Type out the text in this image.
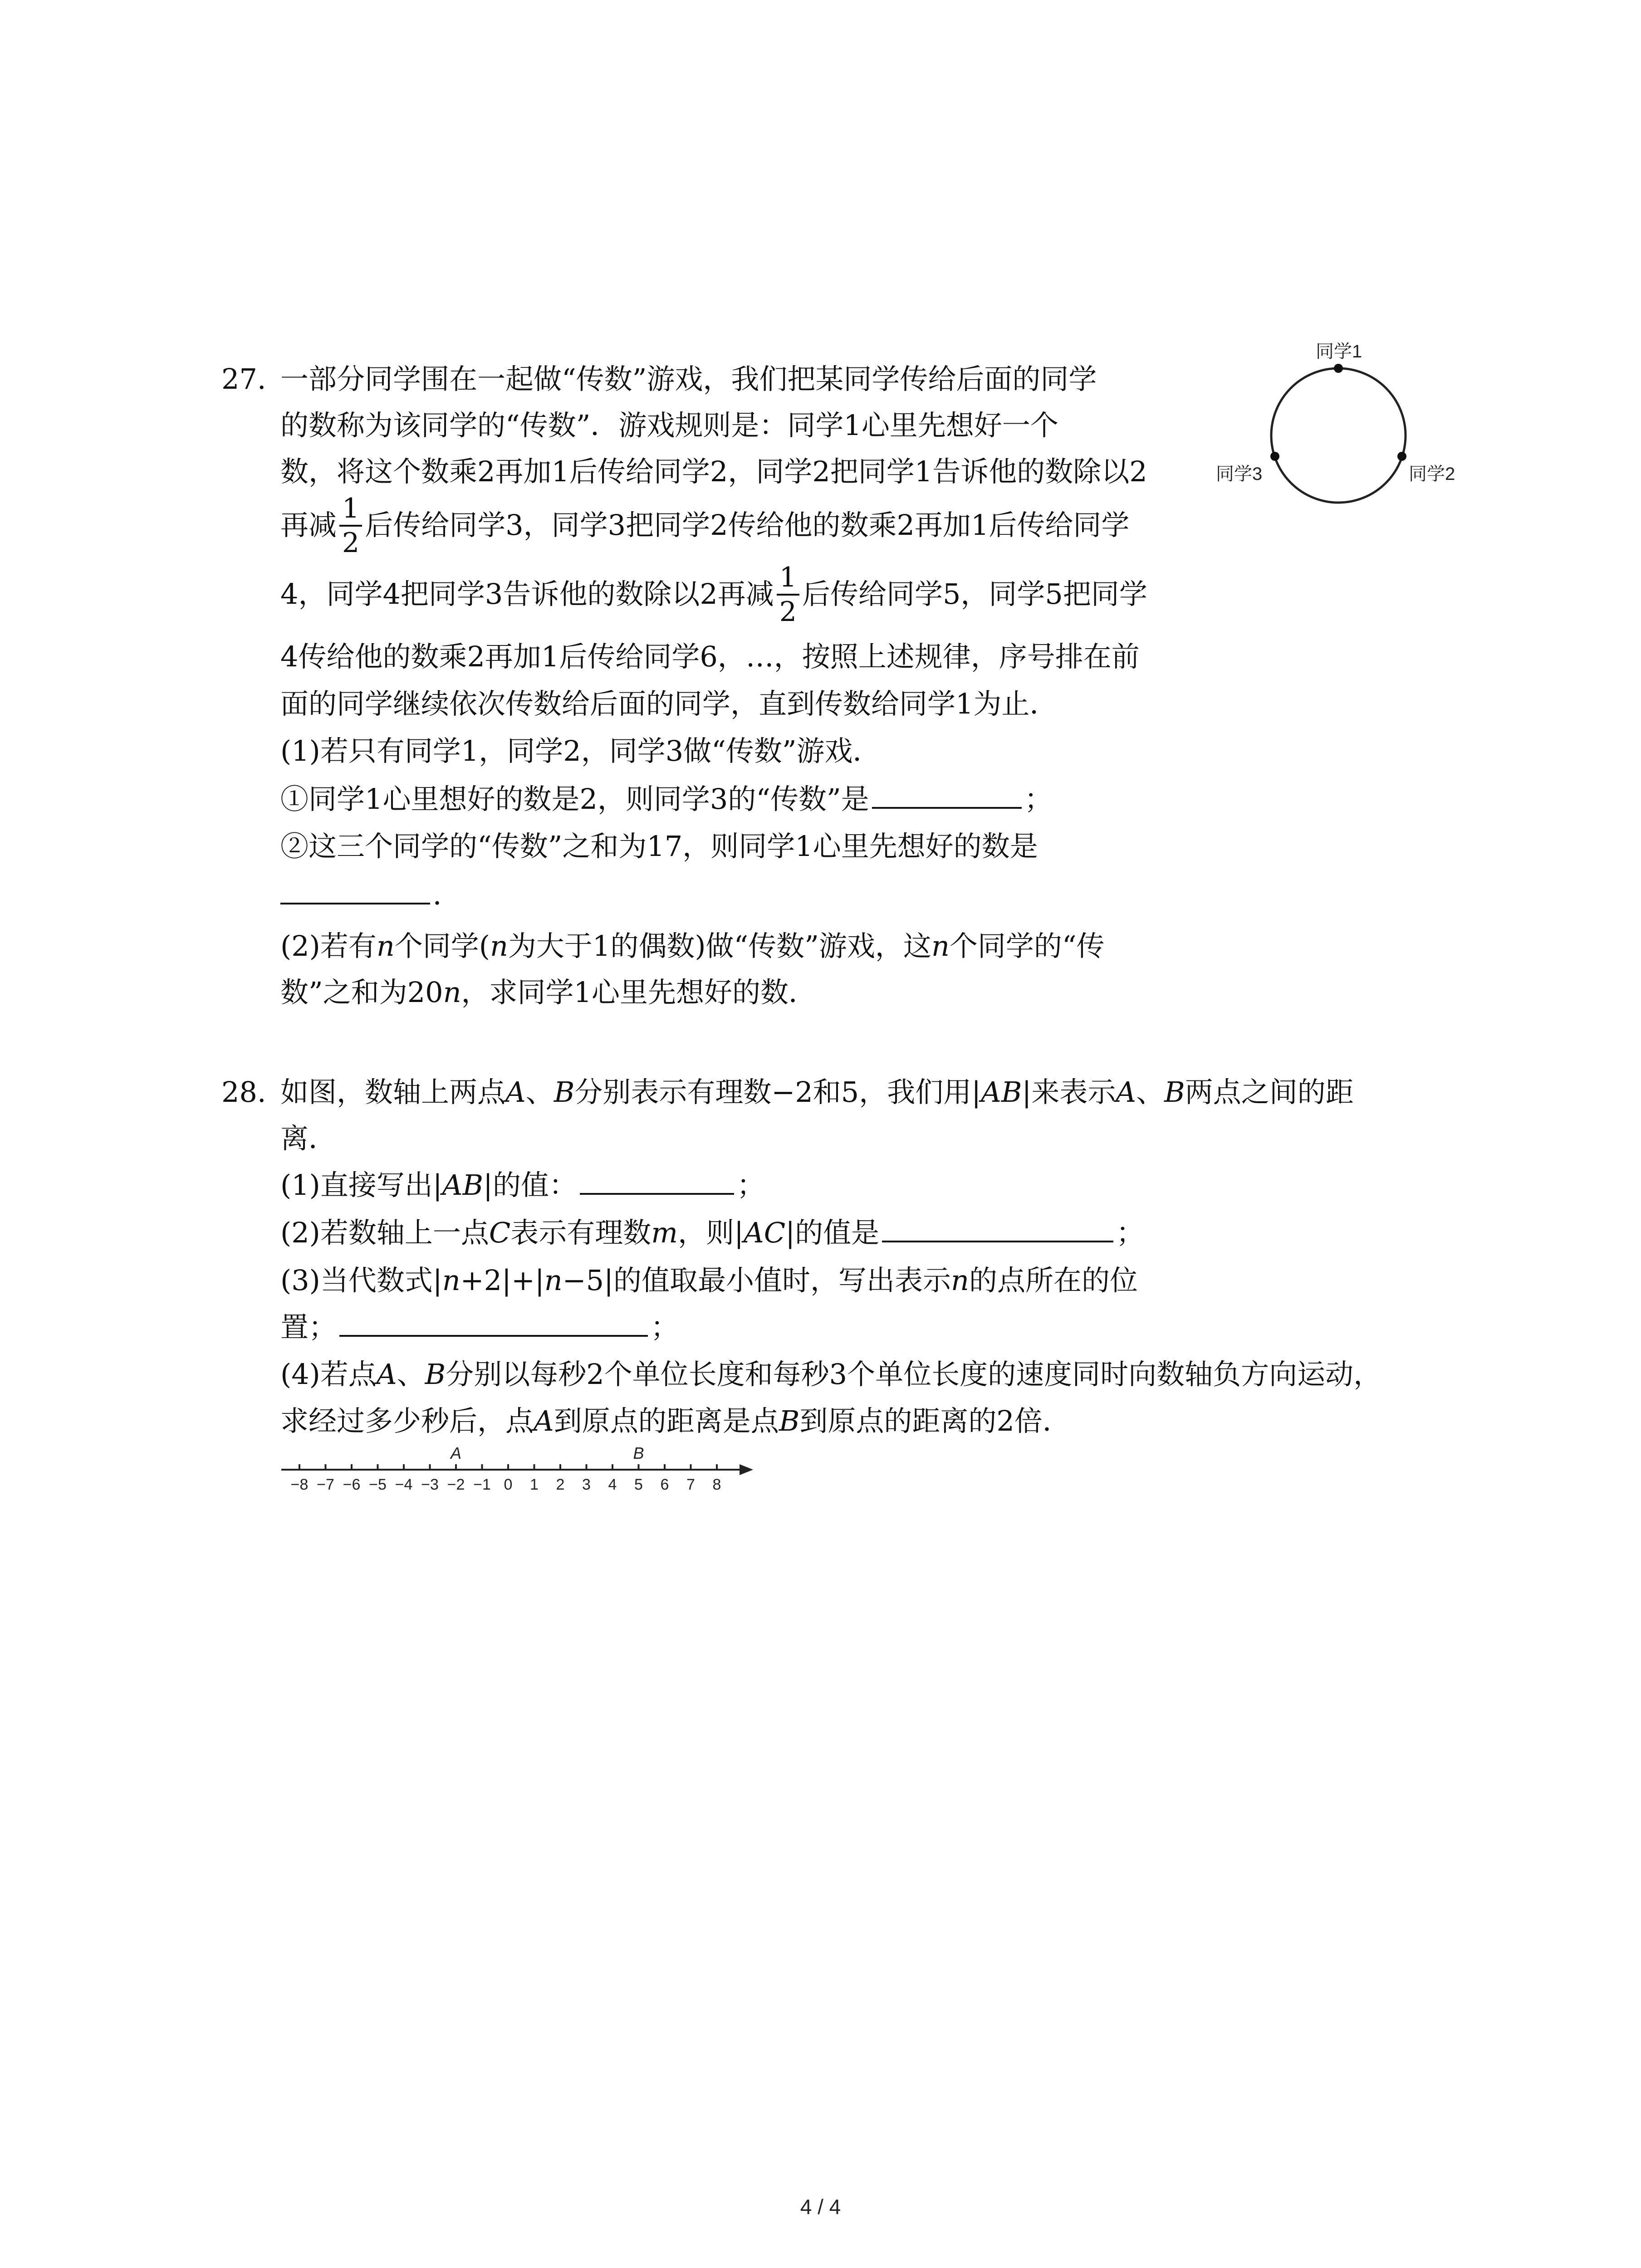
27. 一部分同学围在一起做“传数”游戏，我们把某同学传给后面的同学
的数称为该同学的“传数”．游戏规则是：同学1心里先想好一个
数，将这个数乘2再加1后传给同学2，同学2把同学1告诉他的数除以2
再减 $\frac{1}{2}$ 后传给同学3，同学3把同学2传给他的数乘2再加1后传给同学
4，同学4把同学3告诉他的数除以2再减 $\frac{1}{2}$ 后传给同学5，同学5把同学
4传给他的数乘2再加1后传给同学6，…，按照上述规律，序号排在前
面的同学继续依次传数给后面的同学，直到传数给同学1为止．
(1)若只有同学1，同学2，同学3做“传数”游戏．
①同学1心里想好的数是2，则同学3的“传数”是	；
②这三个同学的“传数”之和为17，则同学1心里先想好的数是
．
(2)若有n个同学(n为大于1的偶数)做“传数”游戏，这n个同学的“传
数”之和为20n，求同学1心里先想好的数．
同学1
同学2
同学3
28. 如图，数轴上两点A、B分别表示有理数−2和5，我们用|AB|来表示A、B两点之间的距
离．
(1)直接写出|AB|的值：	；
(2)若数轴上一点C表示有理数m，则|AC|的值是	；
(3)当代数式|n+2|+|n−5|的值取最小值时，写出表示n的点所在的位
置；	；
(4)若点A、B分别以每秒2个单位长度和每秒3个单位长度的速度同时向数轴负方向运动，
求经过多少秒后，点A到原点的距离是点B到原点的距离的2倍．
−8 −7 −6 −5 −4 −3 −2 −1 0 1 2 3 4 5 6 7 8
A	B
4 / 4
